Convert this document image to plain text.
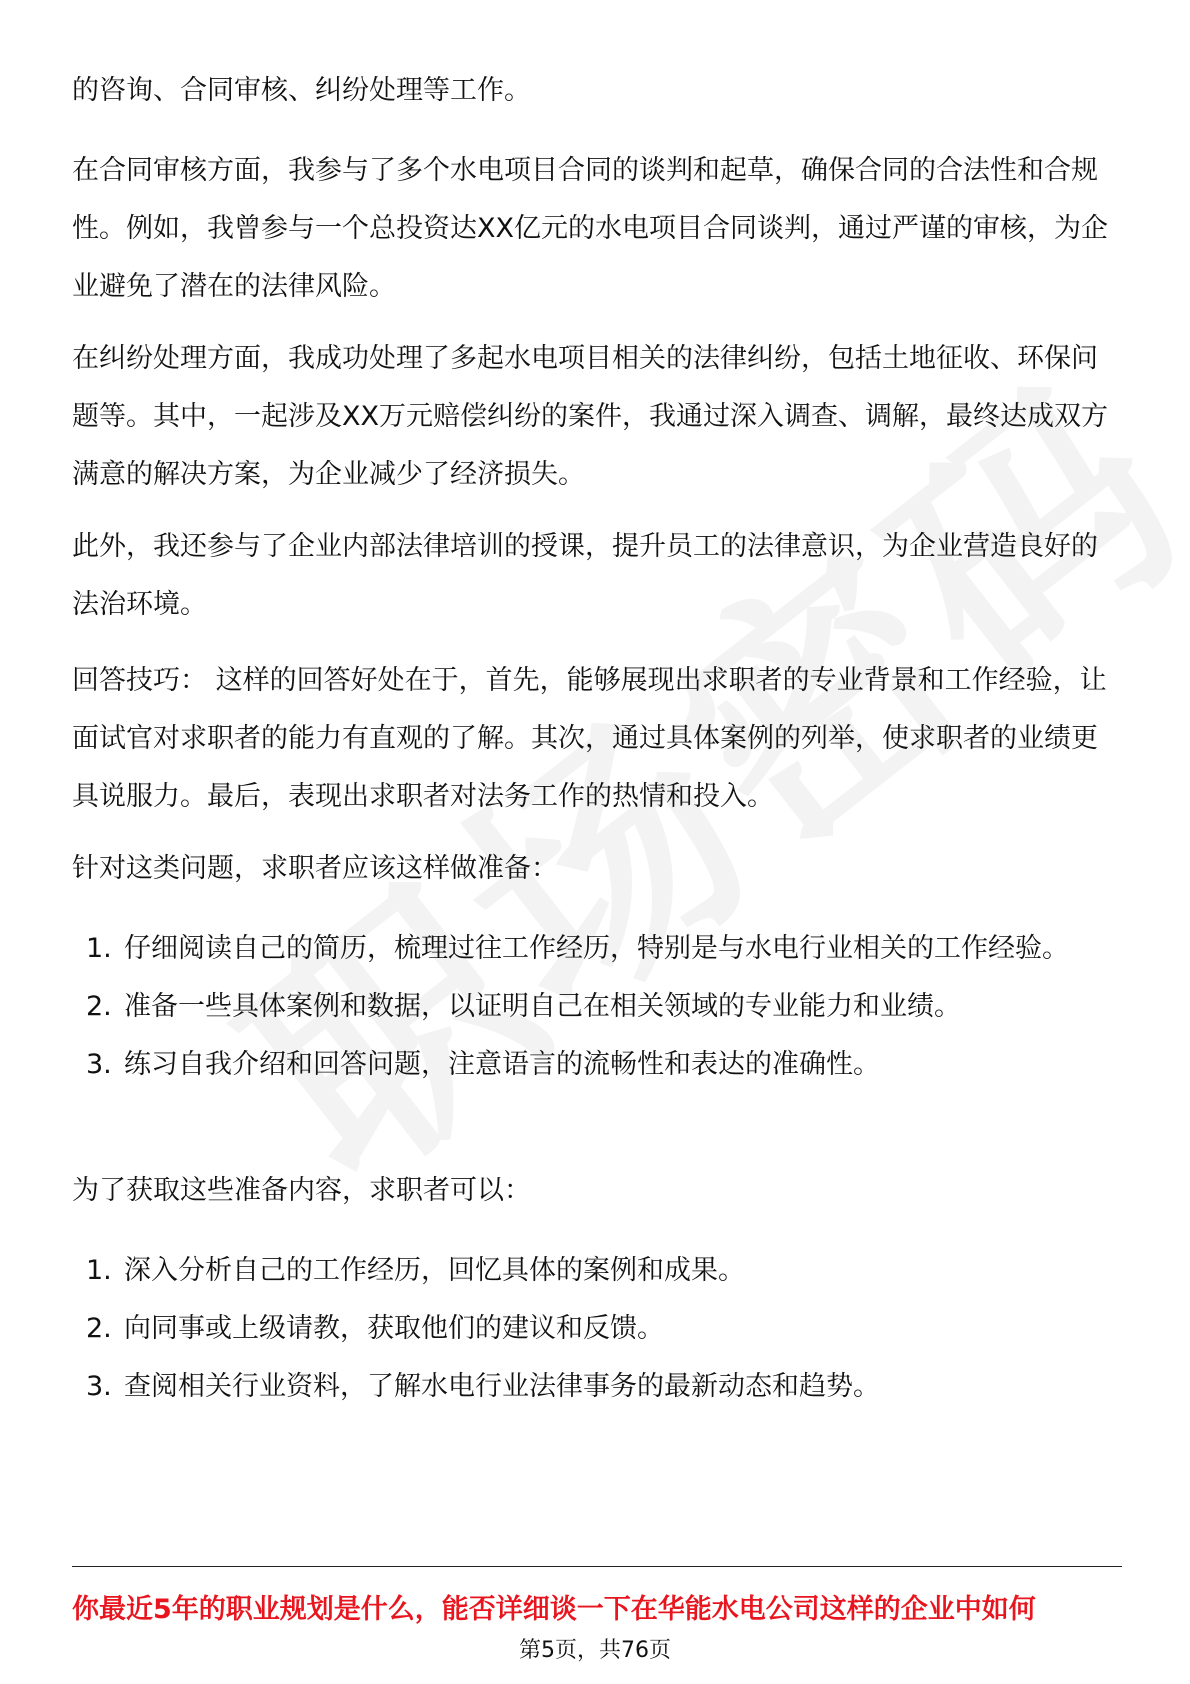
的咨询、合同审核、纠纷处理等工作。

在合同审核方面，我参与了多个水电项目合同的谈判和起草，确保合同的合法性和合规性。例如，我曾参与一个总投资达XX亿元的水电项目合同谈判，通过严谨的审核，为企业避免了潜在的法律风险。

在纠纷处理方面，我成功处理了多起水电项目相关的法律纠纷，包括土地征收、环保问题等。其中，一起涉及XX万元赔偿纠纷的案件，我通过深入调查、调解，最终达成双方满意的解决方案，为企业减少了经济损失。

此外，我还参与了企业内部法律培训的授课，提升员工的法律意识，为企业营造良好的法治环境。

回答技巧： 这样的回答好处在于，首先，能够展现出求职者的专业背景和工作经验，让面试官对求职者的能力有直观的了解。其次，通过具体案例的列举，使求职者的业绩更具说服力。最后，表现出求职者对法务工作的热情和投入。

针对这类问题，求职者应该这样做准备：

1. 仔细阅读自己的简历，梳理过往工作经历，特别是与水电行业相关的工作经验。
2. 准备一些具体案例和数据，以证明自己在相关领域的专业能力和业绩。
3. 练习自我介绍和回答问题，注意语言的流畅性和表达的准确性。

为了获取这些准备内容，求职者可以：

1. 深入分析自己的工作经历，回忆具体的案例和成果。
2. 向同事或上级请教，获取他们的建议和反馈。
3. 查阅相关行业资料，了解水电行业法律事务的最新动态和趋势。
你最近5年的职业规划是什么，能否详细谈一下在华能水电公司这样的企业中如何
第5页，共76页
